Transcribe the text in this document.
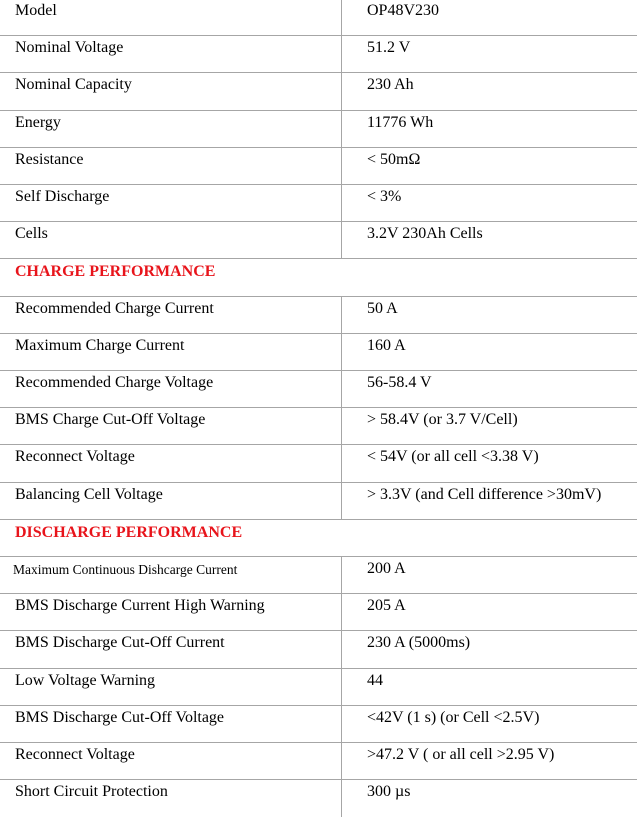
Model	OP48V230
Nominal Voltage	51.2 V
Nominal Capacity	230 Ah
Energy	11776 Wh
Resistance	< 50mΩ
Self Discharge	< 3%
Cells	3.2V 230Ah Cells
CHARGE PERFORMANCE
Recommended Charge Current	50 A
Maximum Charge Current	160 A
Recommended Charge Voltage	56-58.4 V
BMS Charge Cut-Off Voltage	> 58.4V (or 3.7 V/Cell)
Reconnect Voltage	< 54V (or all cell <3.38 V)
Balancing Cell Voltage	> 3.3V (and Cell difference >30mV)
DISCHARGE PERFORMANCE
Maximum Continuous Dishcarge Current	200 A
BMS Discharge Current High Warning	205 A
BMS Discharge Cut-Off Current	230 A (5000ms)
Low Voltage Warning	44
BMS Discharge Cut-Off Voltage	<42V (1 s) (or Cell <2.5V)
Reconnect Voltage	>47.2 V ( or all cell >2.95 V)
Short Circuit Protection	300 µs
